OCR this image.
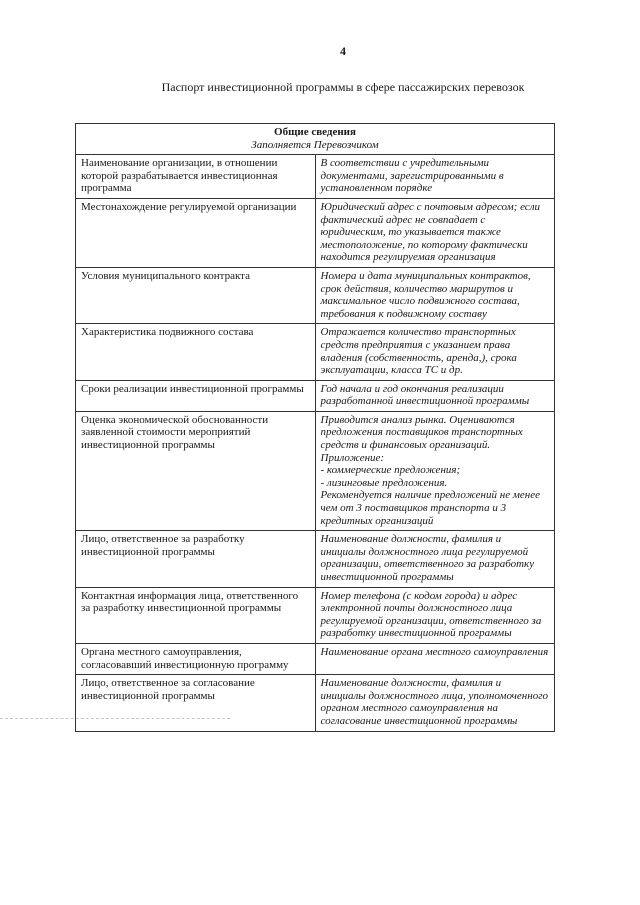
4
Паспорт инвестиционной программы в сфере пассажирских перевозок
Общие сведения
Заполняется Перевозчиком	

Наименование организации, в отношении которой разрабатывается инвестиционная программа	В соответствии с учредительными документами, зарегистрированными в установленном порядке
Местонахождение регулируемой организации	Юридический адрес с почтовым адресом; если фактический адрес не совпадает с юридическим, то указывается также местоположение, по которому фактически находится регулируемая организация
Условия муниципального контракта	Номера и дата муниципальных контрактов, срок действия, количество маршрутов и максимальное число подвижного состава, требования к подвижному составу
Характеристика подвижного состава	Отражается количество транспортных средств предприятия с указанием права владения (собственность, аренда,), срока эксплуатации, класса ТС и др.
Сроки реализации инвестиционной программы	Год начала и год окончания реализации разработанной инвестиционной программы
Оценка экономической обоснованности заявленной стоимости мероприятий инвестиционной программы	Приводится анализ рынка. Оцениваются предложения поставщиков транспортных средств и финансовых организаций.
Приложение:
- коммерческие предложения;
- лизинговые предложения.
Рекомендуется наличие предложений не менее чем от 3 поставщиков транспорта и 3 кредитных организаций

Лицо, ответственное за разработку инвестиционной программы	Наименование должности, фамилия и инициалы должностного лица регулируемой организации, ответственного за разработку инвестиционной программы
Контактная информация лица, ответственного за разработку инвестиционной программы	Номер телефона (с кодом города) и адрес электронной почты должностного лица регулируемой организации, ответственного за разработку инвестиционной программы
Органа местного самоуправления, согласовавший инвестиционную программу	Наименование органа местного самоуправления
Лицо, ответственное за согласование инвестиционной программы	Наименование должности, фамилия и инициалы должностного лица, уполномоченного органом местного самоуправления на согласование инвестиционной программы
